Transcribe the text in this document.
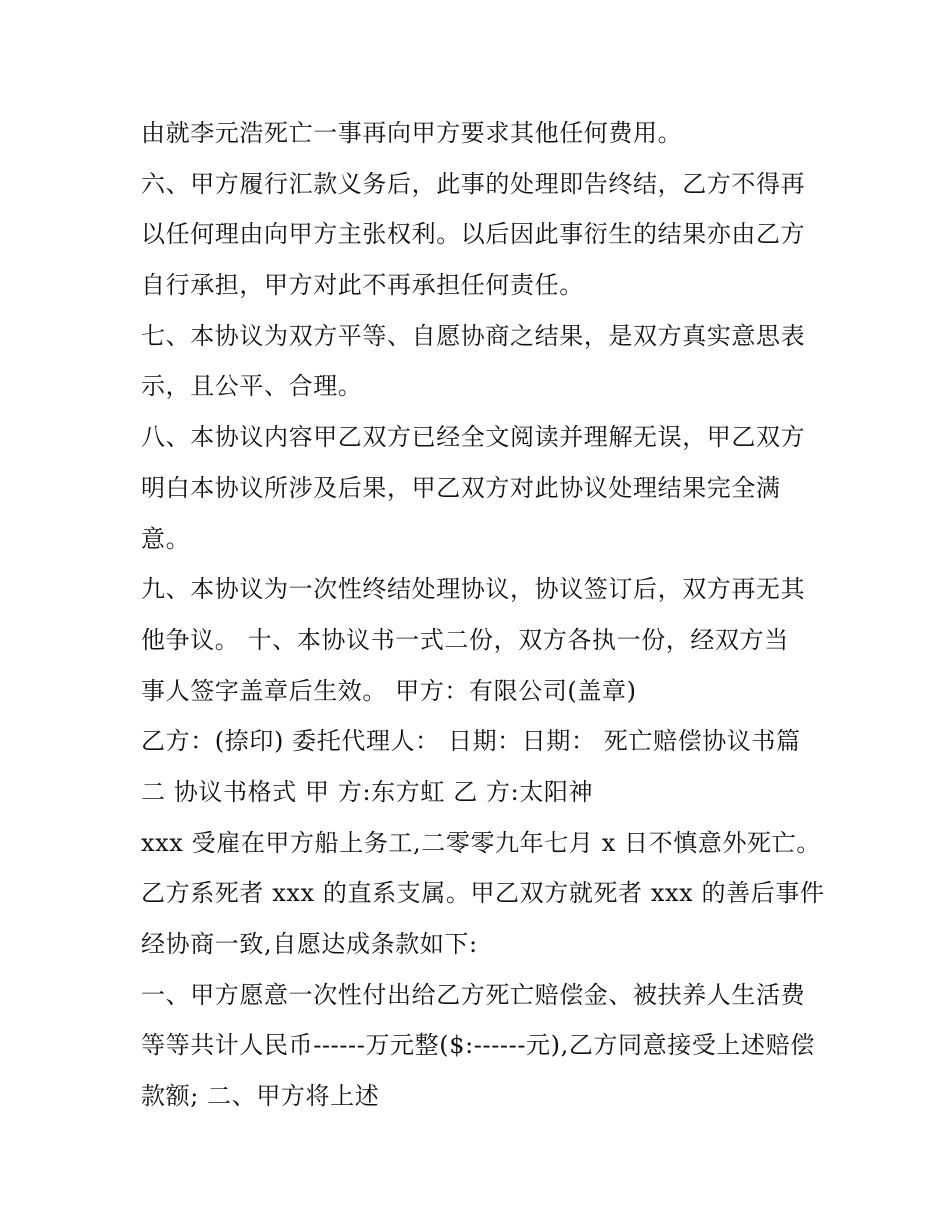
由就李元浩死亡一事再向甲方要求其他任何费用。
六、甲方履行汇款义务后，此事的处理即告终结，乙方不得再
以任何理由向甲方主张权利。以后因此事衍生的结果亦由乙方
自行承担，甲方对此不再承担任何责任。
七、本协议为双方平等、自愿协商之结果，是双方真实意思表
示，且公平、合理。
八、本协议内容甲乙双方已经全文阅读并理解无误，甲乙双方
明白本协议所涉及后果，甲乙双方对此协议处理结果完全满
意。
九、本协议为一次性终结处理协议，协议签订后，双方再无其
他争议。 十、本协议书一式二份，双方各执一份，经双方当
事人签字盖章后生效。 甲方：有限公司(盖章)
乙方：(捺印) 委托代理人： 日期：日期： 死亡赔偿协议书篇
二 协议书格式 甲 方:东方虹 乙 方:太阳神
xxx 受雇在甲方船上务工,二零零九年七月 x 日不慎意外死亡。
乙方系死者 xxx 的直系支属。甲乙双方就死者 xxx 的善后事件
经协商一致,自愿达成条款如下:
一、甲方愿意一次性付出给乙方死亡赔偿金、被扶养人生活费
等等共计人民币------万元整($:------元),乙方同意接受上述赔偿
款额; 二、甲方将上述
